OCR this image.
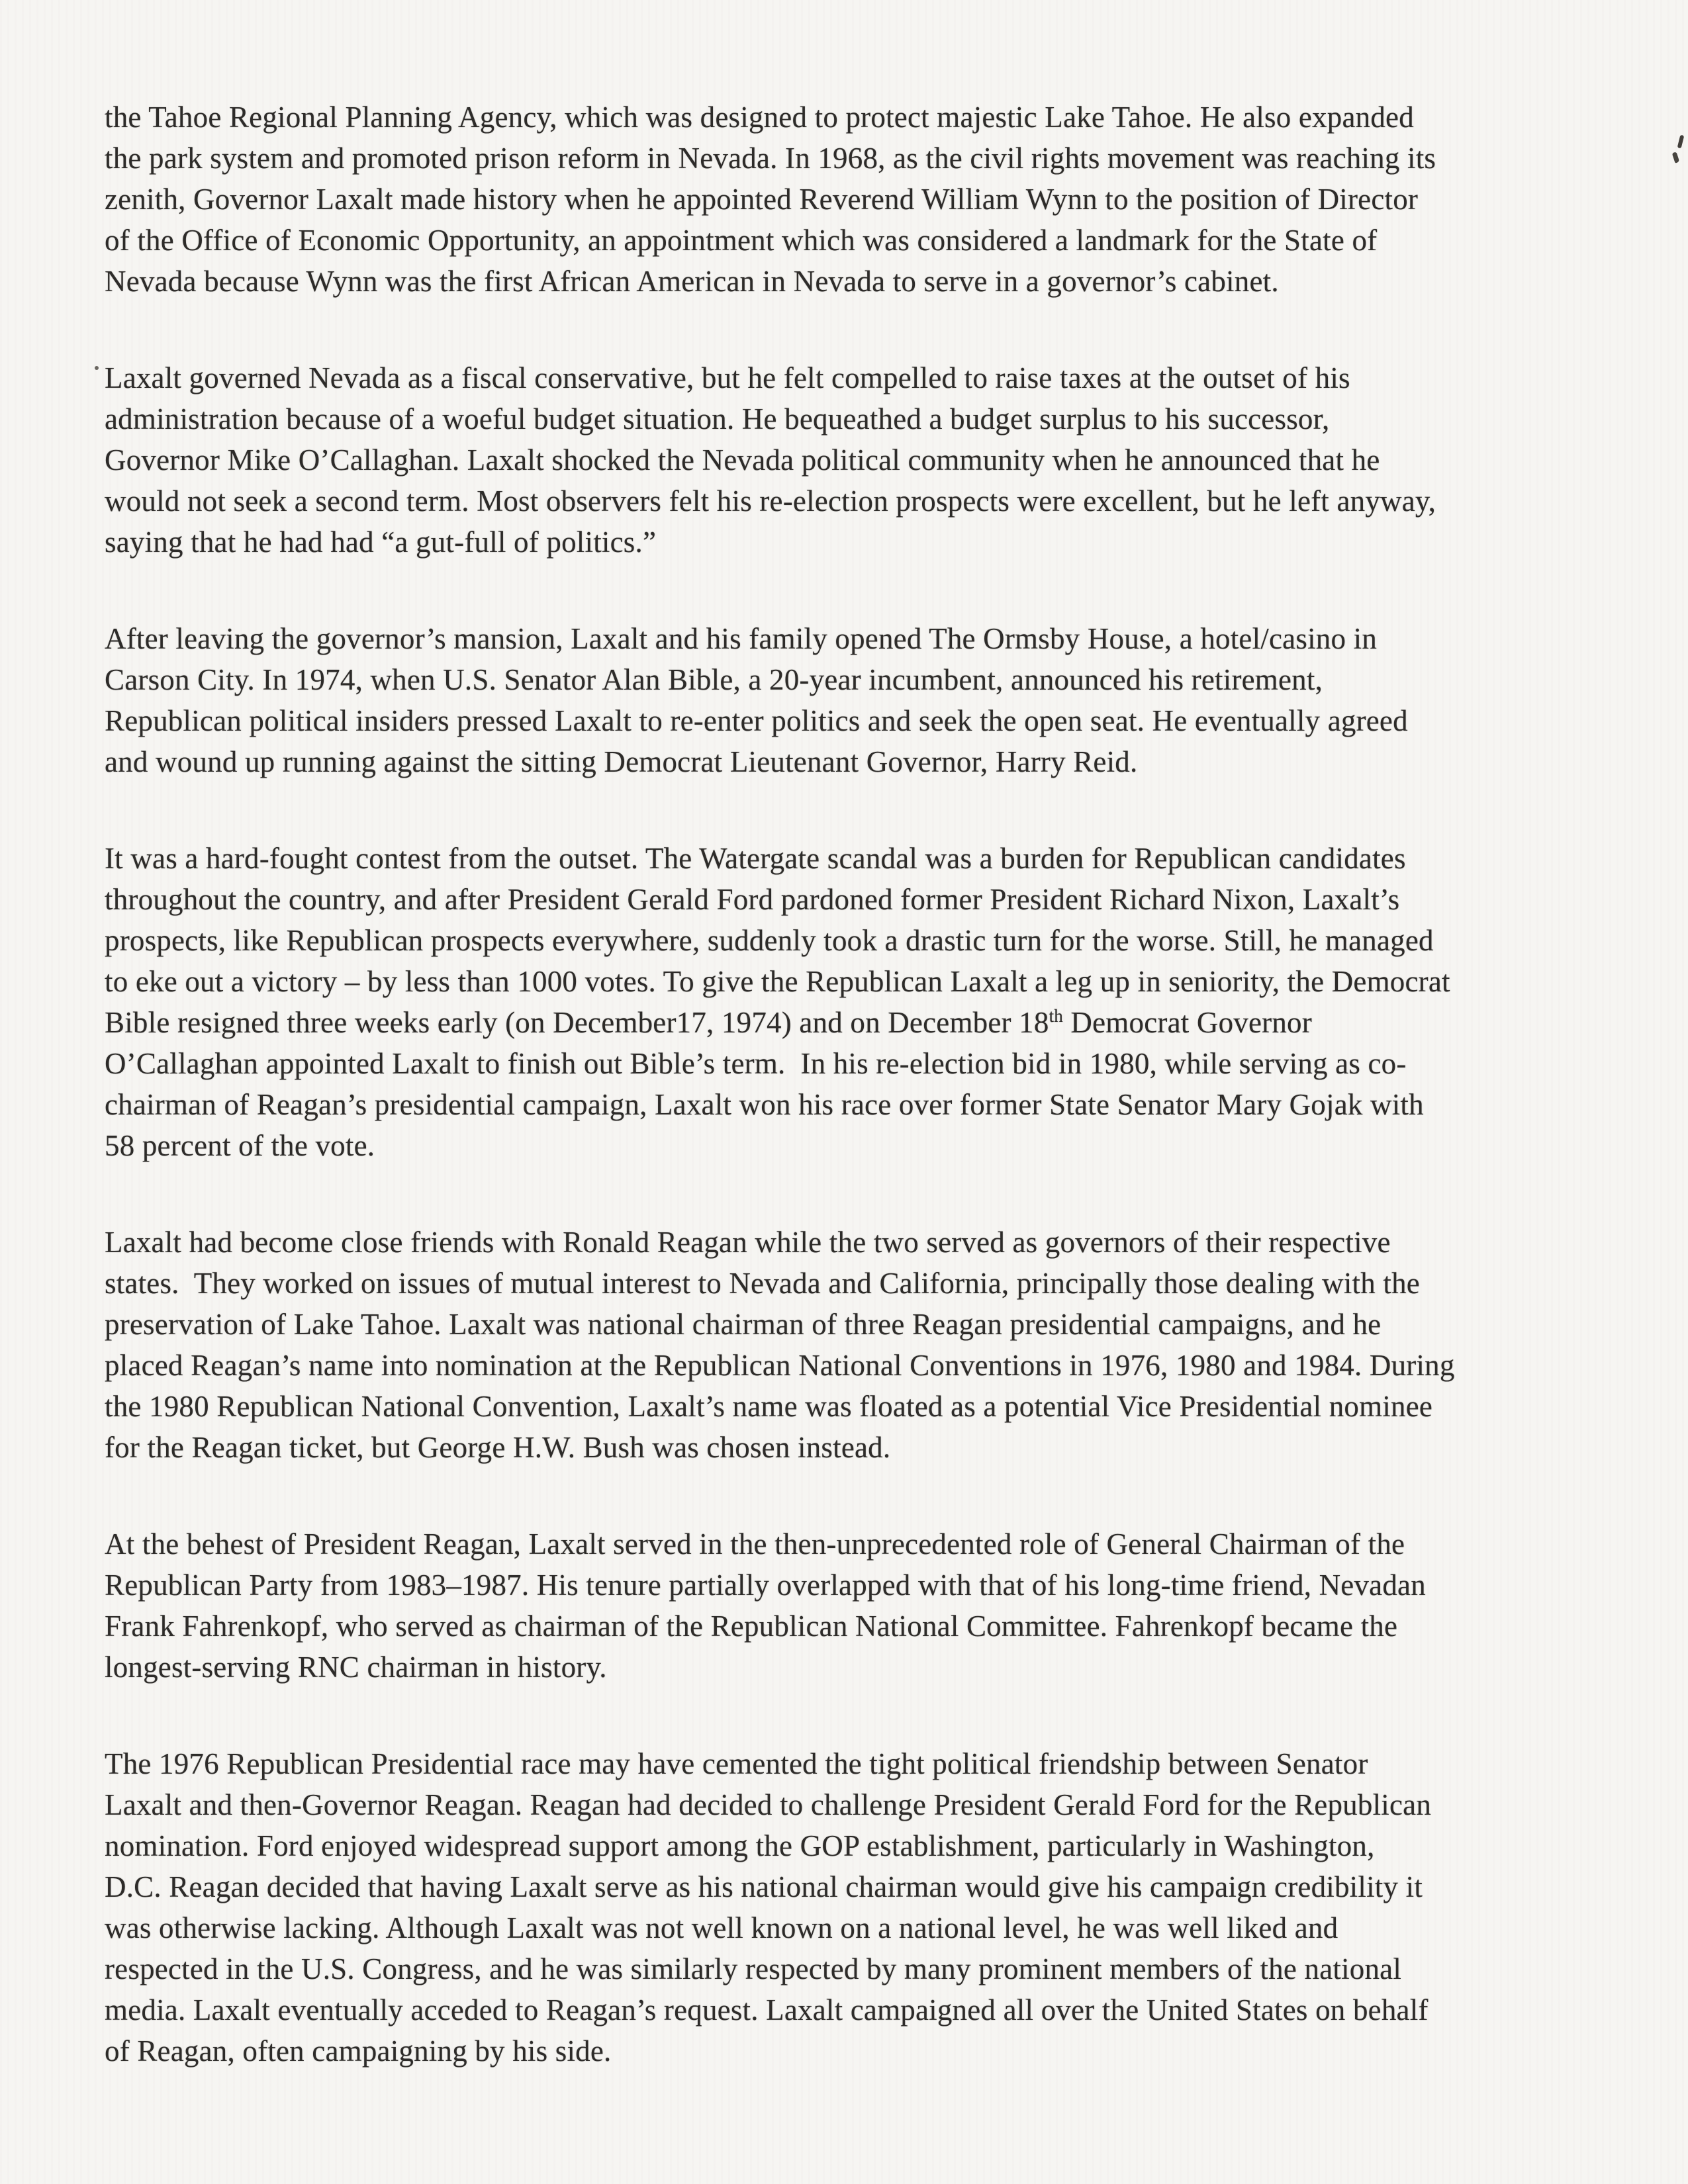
the Tahoe Regional Planning Agency, which was designed to protect majestic Lake Tahoe. He also expanded
the park system and promoted prison reform in Nevada. In 1968, as the civil rights movement was reaching its
zenith, Governor Laxalt made history when he appointed Reverend William Wynn to the position of Director
of the Office of Economic Opportunity, an appointment which was considered a landmark for the State of
Nevada because Wynn was the first African American in Nevada to serve in a governor’s cabinet.

Laxalt governed Nevada as a fiscal conservative, but he felt compelled to raise taxes at the outset of his
administration because of a woeful budget situation. He bequeathed a budget surplus to his successor,
Governor Mike O’Callaghan. Laxalt shocked the Nevada political community when he announced that he
would not seek a second term. Most observers felt his re-election prospects were excellent, but he left anyway,
saying that he had had “a gut-full of politics.”

After leaving the governor’s mansion, Laxalt and his family opened The Ormsby House, a hotel/casino in
Carson City. In 1974, when U.S. Senator Alan Bible, a 20-year incumbent, announced his retirement,
Republican political insiders pressed Laxalt to re-enter politics and seek the open seat. He eventually agreed
and wound up running against the sitting Democrat Lieutenant Governor, Harry Reid.

It was a hard-fought contest from the outset. The Watergate scandal was a burden for Republican candidates
throughout the country, and after President Gerald Ford pardoned former President Richard Nixon, Laxalt’s
prospects, like Republican prospects everywhere, suddenly took a drastic turn for the worse. Still, he managed
to eke out a victory – by less than 1000 votes. To give the Republican Laxalt a leg up in seniority, the Democrat
Bible resigned three weeks early (on December17, 1974) and on December 18th Democrat Governor
O’Callaghan appointed Laxalt to finish out Bible’s term.  In his re-election bid in 1980, while serving as co-
chairman of Reagan’s presidential campaign, Laxalt won his race over former State Senator Mary Gojak with
58 percent of the vote.

Laxalt had become close friends with Ronald Reagan while the two served as governors of their respective
states.  They worked on issues of mutual interest to Nevada and California, principally those dealing with the
preservation of Lake Tahoe. Laxalt was national chairman of three Reagan presidential campaigns, and he
placed Reagan’s name into nomination at the Republican National Conventions in 1976, 1980 and 1984. During
the 1980 Republican National Convention, Laxalt’s name was floated as a potential Vice Presidential nominee
for the Reagan ticket, but George H.W. Bush was chosen instead.

At the behest of President Reagan, Laxalt served in the then-unprecedented role of General Chairman of the
Republican Party from 1983–1987. His tenure partially overlapped with that of his long-time friend, Nevadan
Frank Fahrenkopf, who served as chairman of the Republican National Committee. Fahrenkopf became the
longest-serving RNC chairman in history.

The 1976 Republican Presidential race may have cemented the tight political friendship between Senator
Laxalt and then-Governor Reagan. Reagan had decided to challenge President Gerald Ford for the Republican
nomination. Ford enjoyed widespread support among the GOP establishment, particularly in Washington,
D.C. Reagan decided that having Laxalt serve as his national chairman would give his campaign credibility it
was otherwise lacking. Although Laxalt was not well known on a national level, he was well liked and
respected in the U.S. Congress, and he was similarly respected by many prominent members of the national
media. Laxalt eventually acceded to Reagan’s request. Laxalt campaigned all over the United States on behalf
of Reagan, often campaigning by his side.
